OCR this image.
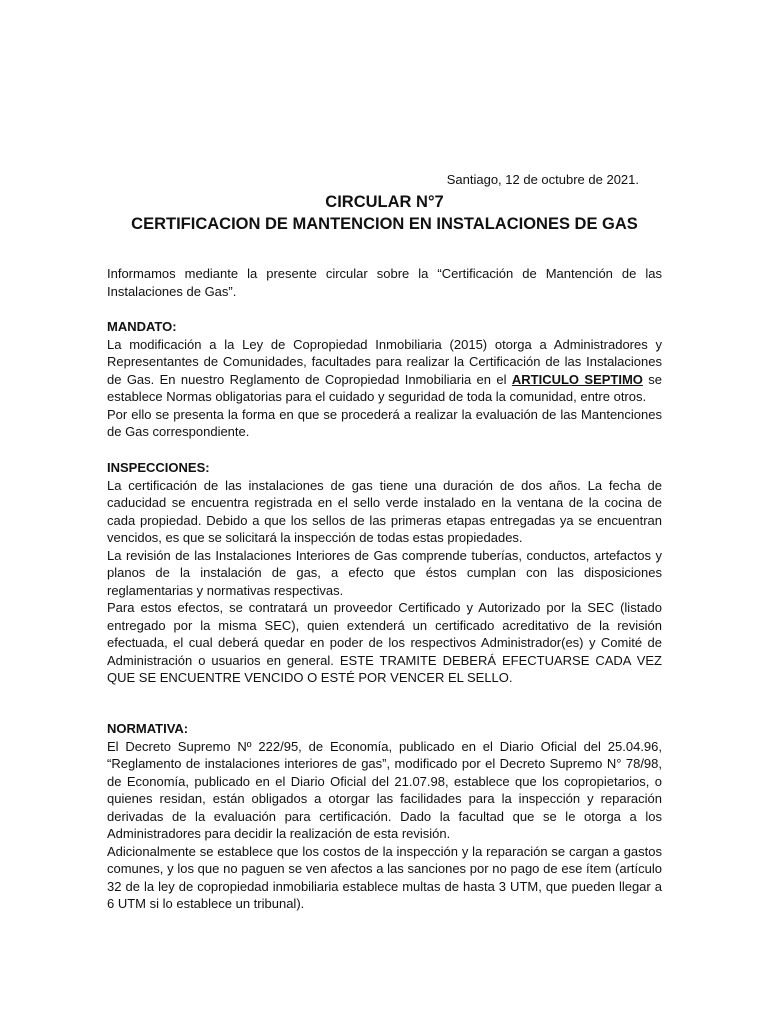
Santiago, 12 de octubre de 2021.
CIRCULAR N°7
CERTIFICACION DE MANTENCION EN INSTALACIONES DE GAS

Informamos mediante la presente circular sobre la “Certificación de Mantención de las Instalaciones de Gas”.

MANDATO:

La modificación a la Ley de Copropiedad Inmobiliaria (2015) otorga a Administradores y Representantes de Comunidades, facultades para realizar la Certificación de las Instalaciones de Gas. En nuestro Reglamento de Copropiedad Inmobiliaria en el ARTICULO SEPTIMO se establece Normas obligatorias para el cuidado y seguridad de toda la comunidad, entre otros.

Por ello se presenta la forma en que se procederá a realizar la evaluación de las Mantenciones de Gas correspondiente.

INSPECCIONES:

La certificación de las instalaciones de gas tiene una duración de dos años. La fecha de caducidad se encuentra registrada en el sello verde instalado en la ventana de la cocina de cada propiedad. Debido a que los sellos de las primeras etapas entregadas ya se encuentran vencidos, es que se solicitará la inspección de todas estas propiedades.

La revisión de las Instalaciones Interiores de Gas comprende tuberías, conductos, artefactos y planos de la instalación de gas, a efecto que éstos cumplan con las disposiciones reglamentarias y normativas respectivas.

Para estos efectos, se contratará un proveedor Certificado y Autorizado por la SEC (listado entregado por la misma SEC), quien extenderá un certificado acreditativo de la revisión efectuada, el cual deberá quedar en poder de los respectivos Administrador(es) y Comité de Administración o usuarios en general. ESTE TRAMITE DEBERÁ EFECTUARSE CADA VEZ QUE SE ENCUENTRE VENCIDO O ESTÉ POR VENCER EL SELLO.

NORMATIVA:

El Decreto Supremo Nº 222/95, de Economía, publicado en el Diario Oficial del 25.04.96, “Reglamento de instalaciones interiores de gas”, modificado por el Decreto Supremo N° 78/98, de Economía, publicado en el Diario Oficial del 21.07.98, establece que los copropietarios, o quienes residan, están obligados a otorgar las facilidades para la inspección y reparación derivadas de la evaluación para certificación. Dado la facultad que se le otorga a los Administradores para decidir la realización de esta revisión.

Adicionalmente se establece que los costos de la inspección y la reparación se cargan a gastos comunes, y los que no paguen se ven afectos a las sanciones por no pago de ese ítem (artículo 32 de la ley de copropiedad inmobiliaria establece multas de hasta 3 UTM, que pueden llegar a 6 UTM si lo establece un tribunal).
